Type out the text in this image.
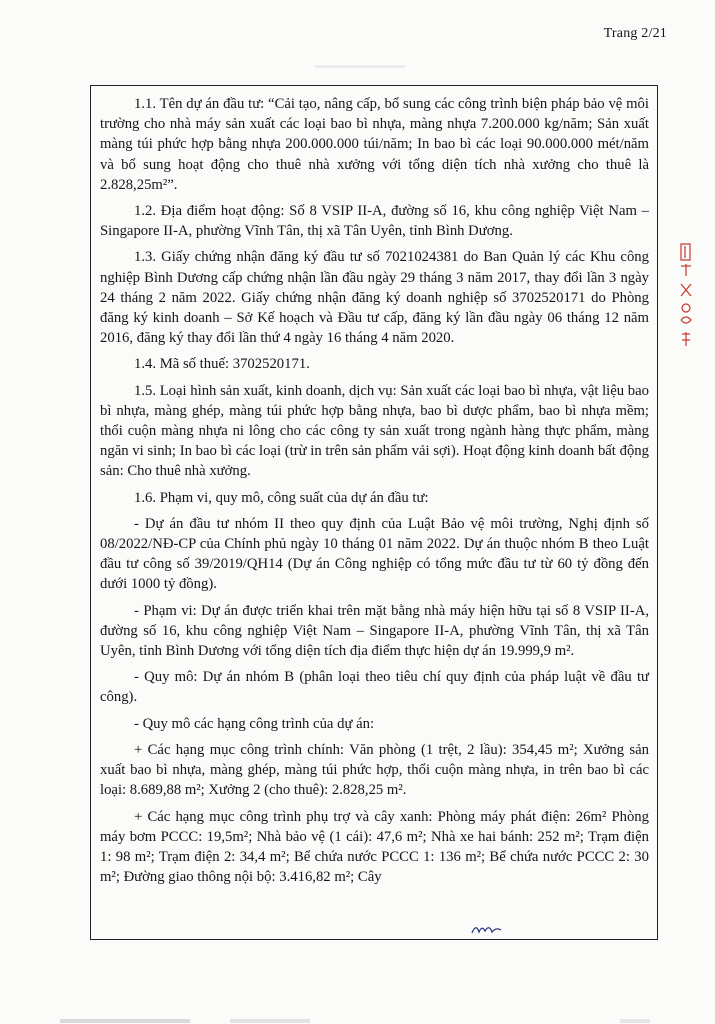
Trang 2/21

1.1. Tên dự án đầu tư: “Cải tạo, nâng cấp, bổ sung các công trình biện pháp bảo vệ môi trường cho nhà máy sản xuất các loại bao bì nhựa, màng nhựa 7.200.000 kg/năm; Sản xuất màng túi phức hợp bằng nhựa 200.000.000 túi/năm; In bao bì các loại 90.000.000 mét/năm và bổ sung hoạt động cho thuê nhà xưởng với tổng diện tích nhà xưởng cho thuê là 2.828,25m²”.

1.2. Địa điểm hoạt động: Số 8 VSIP II-A, đường số 16, khu công nghiệp Việt Nam – Singapore II-A, phường Vĩnh Tân, thị xã Tân Uyên, tỉnh Bình Dương.

1.3. Giấy chứng nhận đăng ký đầu tư số 7021024381 do Ban Quản lý các Khu công nghiệp Bình Dương cấp chứng nhận lần đầu ngày 29 tháng 3 năm 2017, thay đổi lần 3 ngày 24 tháng 2 năm 2022. Giấy chứng nhận đăng ký doanh nghiệp số 3702520171 do Phòng đăng ký kinh doanh – Sở Kế hoạch và Đầu tư cấp, đăng ký lần đầu ngày 06 tháng 12 năm 2016, đăng ký thay đổi lần thứ 4 ngày 16 tháng 4 năm 2020.

1.4. Mã số thuế: 3702520171.

1.5. Loại hình sản xuất, kinh doanh, dịch vụ: Sản xuất các loại bao bì nhựa, vật liệu bao bì nhựa, màng ghép, màng túi phức hợp bằng nhựa, bao bì dược phẩm, bao bì nhựa mềm; thổi cuộn màng nhựa ni lông cho các công ty sản xuất trong ngành hàng thực phẩm, màng ngăn vi sinh; In bao bì các loại (trừ in trên sản phẩm vải sợi). Hoạt động kinh doanh bất động sản: Cho thuê nhà xưởng.

1.6. Phạm vi, quy mô, công suất của dự án đầu tư:

- Dự án đầu tư nhóm II theo quy định của Luật Bảo vệ môi trường, Nghị định số 08/2022/NĐ-CP của Chính phủ ngày 10 tháng 01 năm 2022. Dự án thuộc nhóm B theo Luật đầu tư công số 39/2019/QH14 (Dự án Công nghiệp có tổng mức đầu tư từ 60 tỷ đồng đến dưới 1000 tỷ đồng).

- Phạm vi: Dự án được triển khai trên mặt bằng nhà máy hiện hữu tại số 8 VSIP II-A, đường số 16, khu công nghiệp Việt Nam – Singapore II-A, phường Vĩnh Tân, thị xã Tân Uyên, tỉnh Bình Dương với tổng diện tích địa điểm thực hiện dự án 19.999,9 m².

- Quy mô: Dự án nhóm B (phân loại theo tiêu chí quy định của pháp luật về đầu tư công).

- Quy mô các hạng công trình của dự án:

+ Các hạng mục công trình chính: Văn phòng (1 trệt, 2 lầu): 354,45 m²; Xưởng sản xuất bao bì nhựa, màng ghép, màng túi phức hợp, thổi cuộn màng nhựa, in trên bao bì các loại: 8.689,88 m²; Xưởng 2 (cho thuê): 2.828,25 m².

+ Các hạng mục công trình phụ trợ và cây xanh: Phòng máy phát điện: 26m² Phòng máy bơm PCCC: 19,5m²; Nhà bảo vệ (1 cái): 47,6 m²; Nhà xe hai bánh: 252 m²; Trạm điện 1: 98 m²; Trạm điện 2: 34,4 m²; Bể chứa nước PCCC 1: 136 m²; Bể chứa nước PCCC 2: 30 m²; Đường giao thông nội bộ: 3.416,82 m²; Cây
